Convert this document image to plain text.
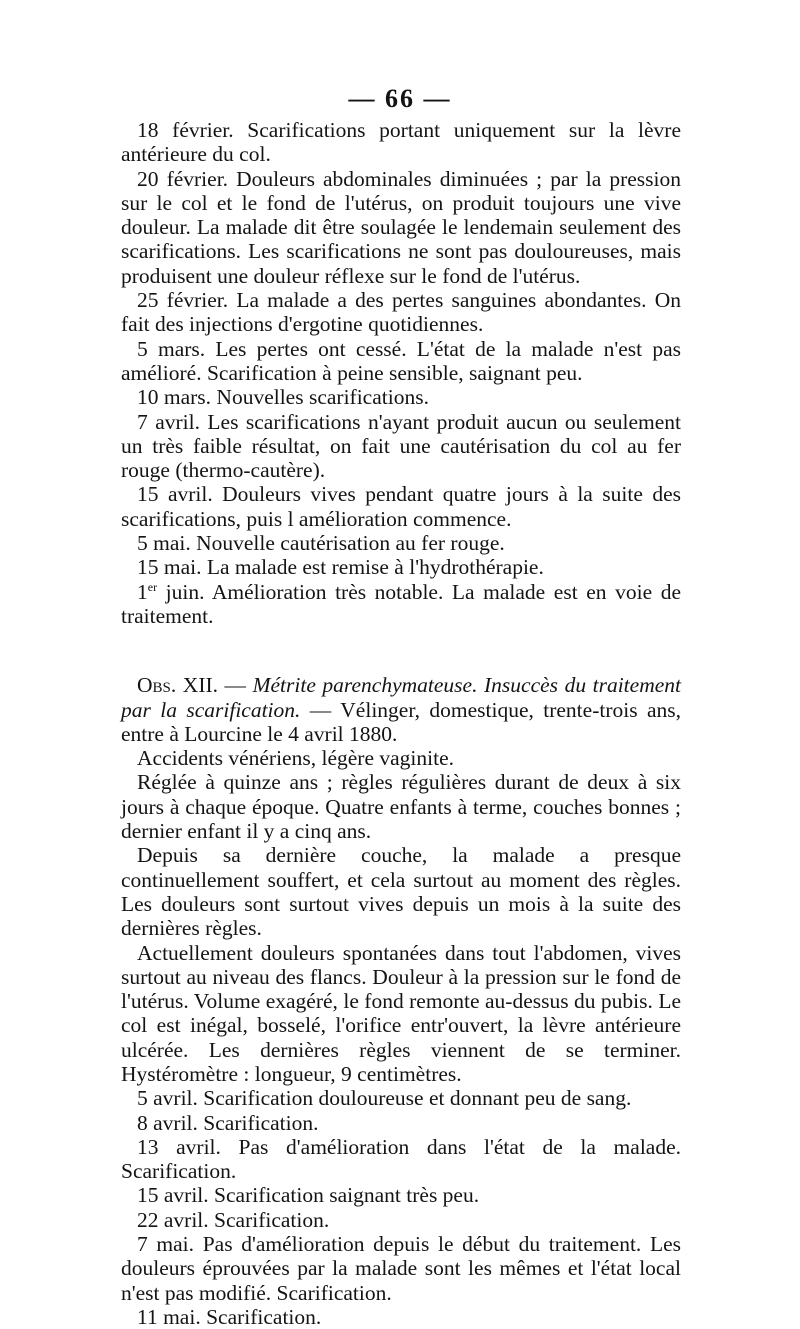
— 66 —

18 février. Scarifications portant uniquement sur la lèvre antérieure du col.

20 février. Douleurs abdominales diminuées ; par la pression sur le col et le fond de l'utérus, on produit toujours une vive douleur. La malade dit être soulagée le lendemain seulement des scarifications. Les scarifications ne sont pas douloureuses, mais produisent une douleur réflexe sur le fond de l'utérus.

25 février. La malade a des pertes sanguines abondantes. On fait des injections d'ergotine quotidiennes.

5 mars. Les pertes ont cessé. L'état de la malade n'est pas amélioré. Scarification à peine sensible, saignant peu.

10 mars. Nouvelles scarifications.

7 avril. Les scarifications n'ayant produit aucun ou seulement un très faible résultat, on fait une cautérisation du col au fer rouge (thermo-cautère).

15 avril. Douleurs vives pendant quatre jours à la suite des scarifications, puis l amélioration commence.

5 mai. Nouvelle cautérisation au fer rouge.

15 mai. La malade est remise à l'hydrothérapie.

1er juin. Amélioration très notable. La malade est en voie de traitement.

Obs. XII. — Métrite parenchymateuse. Insuccès du traitement par la scarification. — Vélinger, domestique, trente-trois ans, entre à Lourcine le 4 avril 1880.

Accidents vénériens, légère vaginite.

Réglée à quinze ans ; règles régulières durant de deux à six jours à chaque époque. Quatre enfants à terme, couches bonnes ; dernier enfant il y a cinq ans.

Depuis sa dernière couche, la malade a presque continuellement souffert, et cela surtout au moment des règles. Les douleurs sont surtout vives depuis un mois à la suite des dernières règles.

Actuellement douleurs spontanées dans tout l'abdomen, vives surtout au niveau des flancs. Douleur à la pression sur le fond de l'utérus. Volume exagéré, le fond remonte au-dessus du pubis. Le col est inégal, bosselé, l'orifice entr'ouvert, la lèvre antérieure ulcérée. Les dernières règles viennent de se terminer. Hystéromètre : longueur, 9 centimètres.

5 avril. Scarification douloureuse et donnant peu de sang.

8 avril. Scarification.

13 avril. Pas d'amélioration dans l'état de la malade. Scarification.

15 avril. Scarification saignant très peu.

22 avril. Scarification.

7 mai. Pas d'amélioration depuis le début du traitement. Les douleurs éprouvées par la malade sont les mêmes et l'état local n'est pas modifié. Scarification.

11 mai. Scarification.
